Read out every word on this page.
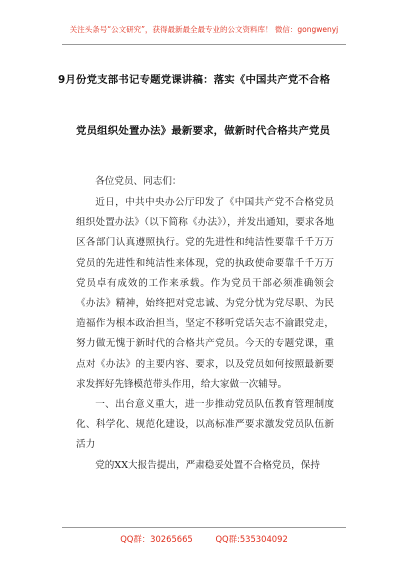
关注头条号“公文研究”，获得最新最全最专业的公文资料库！ 微信：gongwenyj
9月份党支部书记专题党课讲稿：落实《中国共产党不合格
党员组织处置办法》最新要求，做新时代合格共产党员
各位党员、同志们：

近日，中共中央办公厅印发了《中国共产党不合格党员组织处置办法》（以下简称《办法》），并发出通知，要求各地区各部门认真遵照执行。党的先进性和纯洁性要靠千千万万党员的先进性和纯洁性来体现，党的执政使命要靠千千万万党员卓有成效的工作来承载。作为党员干部必须准确领会《办法》精神，始终把对党忠诚、为党分忧为党尽职、为民造福作为根本政治担当，坚定不移听党话矢志不渝跟党走，努力做无愧于新时代的合格共产党员。今天的专题党课，重点对《办法》的主要内容、要求，以及党员如何按照最新要求发挥好先锋模范带头作用，给大家做一次辅导。

一、出台意义重大，进一步推动党员队伍教育管理制度化、科学化、规范化建设，以高标准严要求激发党员队伍新活力

党的XX大报告提出，严肃稳妥处置不合格党员，保持

QQ群：30265665	QQ群:535304092
